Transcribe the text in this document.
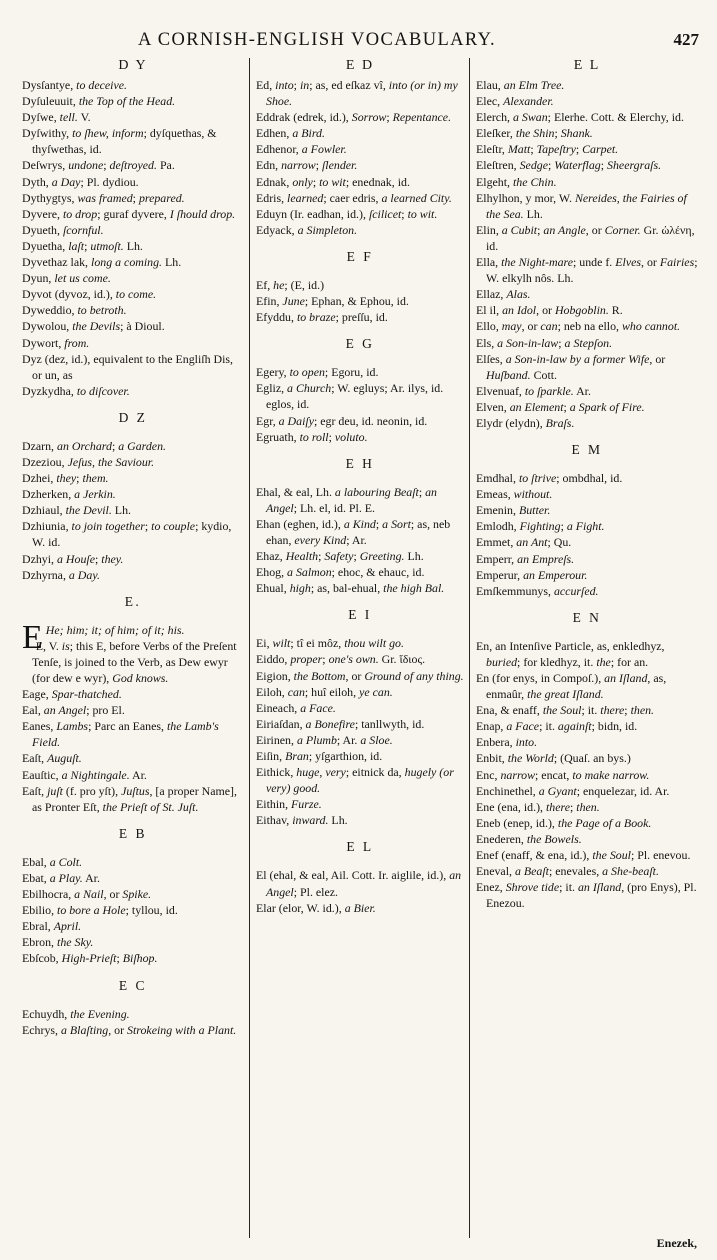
A CORNISH-ENGLISH VOCABULARY.	427
D Y

Dysſantye, to deceive.

Dyſuleuuit, the Top of the Head.

Dyſwe, tell. V.

Dyſwithy, to ſhew, inform; dyſquethas, & thyſwethas, id.

Deſwrys, undone; deſtroyed. Pa.

Dyth, a Day; Pl. dydiou.

Dythygtys, was framed; prepared.

Dyvere, to drop; guraf dyvere, I ſhould drop.

Dyueth, ſcornful.

Dyuetha, laſt; utmoſt. Lh.

Dyvethaz lak, long a coming. Lh.

Dyun, let us come.

Dyvot (dyvoz, id.), to come.

Dyweddio, to betroth.

Dywolou, the Devils; à Dioul.

Dywort, from.

Dyz (dez, id.), equivalent to the Engliſh Dis, or un, as

Dyzkydha, to diſcover.

D Z

Dzarn, an Orchard; a Garden.

Dzeziou, Jeſus, the Saviour.

Dzhei, they; them.

Dzherken, a Jerkin.

Dzhiaul, the Devil. Lh.

Dzhiunia, to join together; to couple; kydio, W. id.

Dzhyi, a Houſe; they.

Dzhyrna, a Day.

E.

E He; him; it; of him; of it; his.

E, V. is; this E, before Verbs of the Preſent Tenſe, is joined to the Verb, as Dew ewyr (for dew e wyr), God knows.

Eage, Spar-thatched.

Eal, an Angel; pro El.

Eanes, Lambs; Parc an Eanes, the Lamb's Field.

Eaſt, Auguſt.

Eauſtic, a Nightingale. Ar.

Eaſt, juſt (f. pro yſt), Juſtus, [a proper Name], as Pronter Eſt, the Prieſt of St. Juſt.

E B

Ebal, a Colt.

Ebat, a Play. Ar.

Ebilhocra, a Nail, or Spike.

Ebilio, to bore a Hole; tyllou, id.

Ebral, April.

Ebron, the Sky.

Ebſcob, High-Prieſt; Biſhop.

E C

Echuydh, the Evening.

Echrys, a Blaſting, or Strokeing with a Plant.

E D

Ed, into; in; as, ed eſkaz vî, into (or in) my Shoe.

Eddrak (edrek, id.), Sorrow; Repentance.

Edhen, a Bird.

Edhenor, a Fowler.

Edn, narrow; ſlender.

Ednak, only; to wit; enednak, id.

Edris, learned; caer edris, a learned City.

Eduyn (Ir. eadhan, id.), ſcilicet; to wit.

Edyack, a Simpleton.

E F

Ef, he; (E, id.)

Efin, June; Ephan, & Ephou, id.

Efyddu, to braze; preſſu, id.

E G

Egery, to open; Egoru, id.

Egliz, a Church; W. egluys; Ar. ilys, id. eglos, id.

Egr, a Daiſy; egr deu, id. neonin, id.

Egruath, to roll; voluto.

E H

Ehal, & eal, Lh. a labouring Beaſt; an Angel; Lh. el, id. Pl. E.

Ehan (eghen, id.), a Kind; a Sort; as, neb ehan, every Kind; Ar.

Ehaz, Health; Safety; Greeting. Lh.

Ehog, a Salmon; ehoc, & ehauc, id.

Ehual, high; as, bal-ehual, the high Bal.

E I

Ei, wilt; tî ei môz, thou wilt go.

Eiddo, proper; one's own. Gr. ἴδιος.

Eigion, the Bottom, or Ground of any thing.

Eiloh, can; huî eiloh, ye can.

Eineach, a Face.

Eiriaſdan, a Bonefire; tanllwyth, id.

Eirinen, a Plumb; Ar. a Sloe.

Eiſin, Bran; yſgarthion, id.

Eithick, huge, very; eitnick da, hugely (or very) good.

Eithin, Furze.

Eithav, inward. Lh.

E L

El (ehal, & eal, Ail. Cott. Ir. aiglile, id.), an Angel; Pl. elez.

Elar (elor, W. id.), a Bier.

E L

Elau, an Elm Tree.

Elec, Alexander.

Elerch, a Swan; Elerhe. Cott. & Elerchy, id.

Eleſker, the Shin; Shank.

Eleſtr, Matt; Tapeſtry; Carpet.

Eleſtren, Sedge; Waterflag; Sheergraſs.

Elgeht, the Chin.

Elhylhon, y mor, W. Nereides, the Fairies of the Sea. Lh.

Elin, a Cubit; an Angle, or Corner. Gr. ὠλένη, id.

Ella, the Night-mare; unde f. Elves, or Fairies; W. elkylh nôs. Lh.

Ellaz, Alas.

El il, an Idol, or Hobgoblin. R.

Ello, may, or can; neb na ello, who cannot.

Els, a Son-in-law; a Stepſon.

Elſes, a Son-in-law by a former Wife, or Huſband. Cott.

Elvenuaf, to ſparkle. Ar.

Elven, an Element; a Spark of Fire.

Elydr (elydn), Braſs.

E M

Emdhal, to ſtrive; ombdhal, id.

Emeas, without.

Emenin, Butter.

Emlodh, Fighting; a Fight.

Emmet, an Ant; Qu.

Emperr, an Empreſs.

Emperur, an Emperour.

Emſkemmunys, accurſed.

E N

En, an Intenſive Particle, as, enkledhyz, buried; for kledhyz, it. the; for an.

En (for enys, in Compoſ.), an Iſland, as, enmaûr, the great Iſland.

Ena, & enaff, the Soul; it. there; then.

Enap, a Face; it. againſt; bidn, id.

Enbera, into.

Enbit, the World; (Quaſ. an bys.)

Enc, narrow; encat, to make narrow.

Enchinethel, a Gyant; enquelezar, id. Ar.

Ene (ena, id.), there; then.

Eneb (enep, id.), the Page of a Book.

Enederen, the Bowels.

Enef (enaff, & ena, id.), the Soul; Pl. enevou.

Eneval, a Beaſt; enevales, a She-beaſt.

Enez, Shrove tide; it. an Iſland, (pro Enys), Pl. Enezou.

Enezek,
